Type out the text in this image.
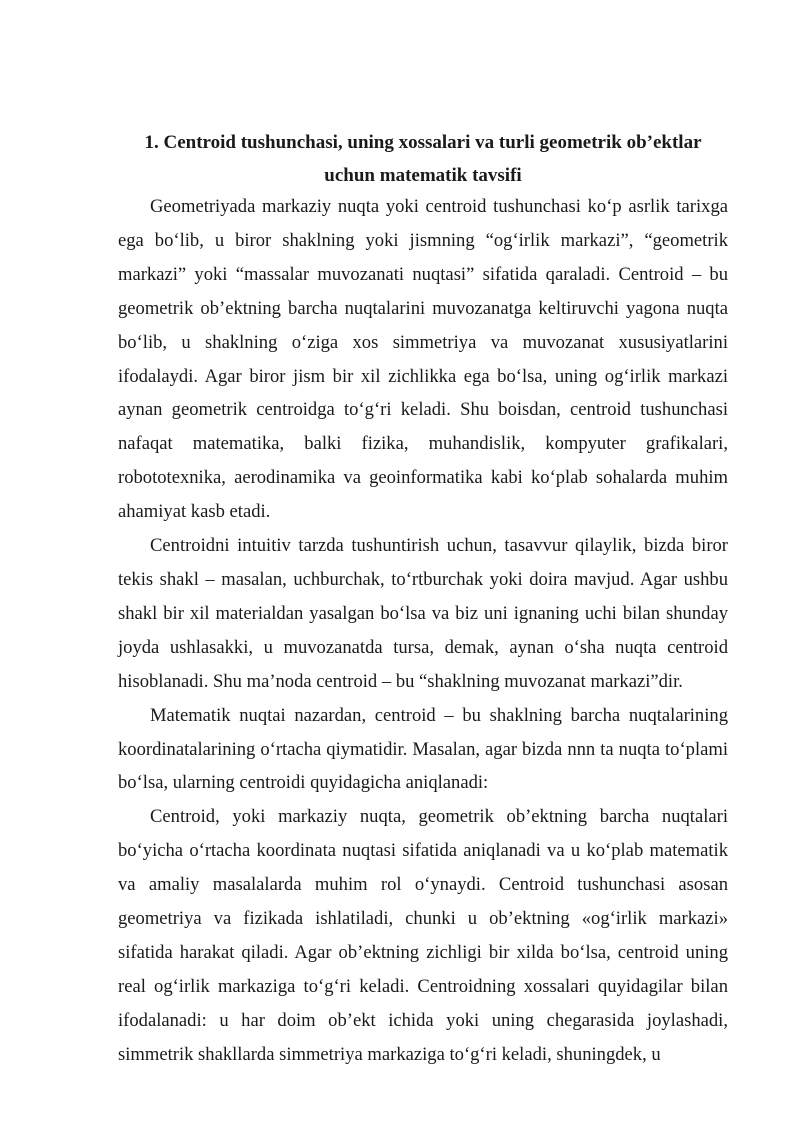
1. Centroid tushunchasi, uning xossalari va turli geometrik ob’ektlar
uchun matematik tavsifi

Geometriyada markaziy nuqta yoki centroid tushunchasi ko‘p asrlik tarixga ega bo‘lib, u biror shaklning yoki jismning “og‘irlik markazi”, “geometrik markazi” yoki “massalar muvozanati nuqtasi” sifatida qaraladi. Centroid – bu geometrik ob’ektning barcha nuqtalarini muvozanatga keltiruvchi yagona nuqta bo‘lib, u shaklning o‘ziga xos simmetriya va muvozanat xususiyatlarini ifodalaydi. Agar biror jism bir xil zichlikka ega bo‘lsa, uning og‘irlik markazi aynan geometrik centroidga to‘g‘ri keladi. Shu boisdan, centroid tushunchasi nafaqat matematika, balki fizika, muhandislik, kompyuter grafikalari, robototexnika, aerodinamika va geoinformatika kabi ko‘plab sohalarda muhim ahamiyat kasb etadi.

Centroidni intuitiv tarzda tushuntirish uchun, tasavvur qilaylik, bizda biror tekis shakl – masalan, uchburchak, to‘rtburchak yoki doira mavjud. Agar ushbu shakl bir xil materialdan yasalgan bo‘lsa va biz uni ignaning uchi bilan shunday joyda ushlasakki, u muvozanatda tursa, demak, aynan o‘sha nuqta centroid hisoblanadi. Shu ma’noda centroid – bu “shaklning muvozanat markazi”dir.

Matematik nuqtai nazardan, centroid – bu shaklning barcha nuqtalarining koordinatalarining o‘rtacha qiymatidir. Masalan, agar bizda nnn ta nuqta to‘plami bo‘lsa, ularning centroidi quyidagicha aniqlanadi:

Centroid, yoki markaziy nuqta, geometrik ob’ektning barcha nuqtalari bo‘yicha o‘rtacha koordinata nuqtasi sifatida aniqlanadi va u ko‘plab matematik va amaliy masalalarda muhim rol o‘ynaydi. Centroid tushunchasi asosan geometriya va fizikada ishlatiladi, chunki u ob’ektning «og‘irlik markazi» sifatida harakat qiladi. Agar ob’ektning zichligi bir xilda bo‘lsa, centroid uning real og‘irlik markaziga to‘g‘ri keladi. Centroidning xossalari quyidagilar bilan ifodalanadi: u har doim ob’ekt ichida yoki uning chegarasida joylashadi, simmetrik shakllarda simmetriya markaziga to‘g‘ri keladi, shuningdek, u
